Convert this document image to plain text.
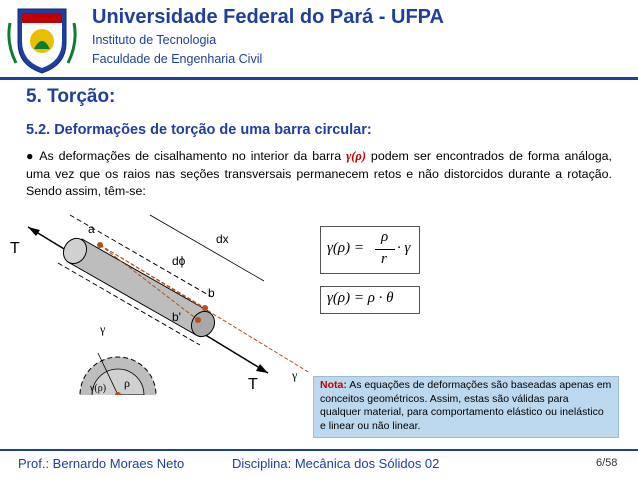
Universidade Federal do Pará - UFPA
Instituto de Tecnologia
Faculdade de Engenharia Civil
5. Torção:
5.2. Deformações de torção de uma barra circular:
● As deformações de cisalhamento no interior da barra γ(ρ) podem ser encontrados de forma análoga, uma vez que os raios nas seções transversais permanecem retos e não distorcidos durante a rotação. Sendo assim, têm-se:
T
T
a
dx
dϕ
b
b'
γ
γ
ρ
γ(ρ)
γ(ρ) =
ρ
r
· γ
γ(ρ) = ρ · θ
Nota: As equações de deformações são baseadas apenas em conceitos geométricos. Assim, estas são válidas para qualquer material, para comportamento elástico ou inelástico e linear ou não linear.
Prof.: Bernardo Moraes Neto	Disciplina: Mecânica dos Sólidos 02	6/58
